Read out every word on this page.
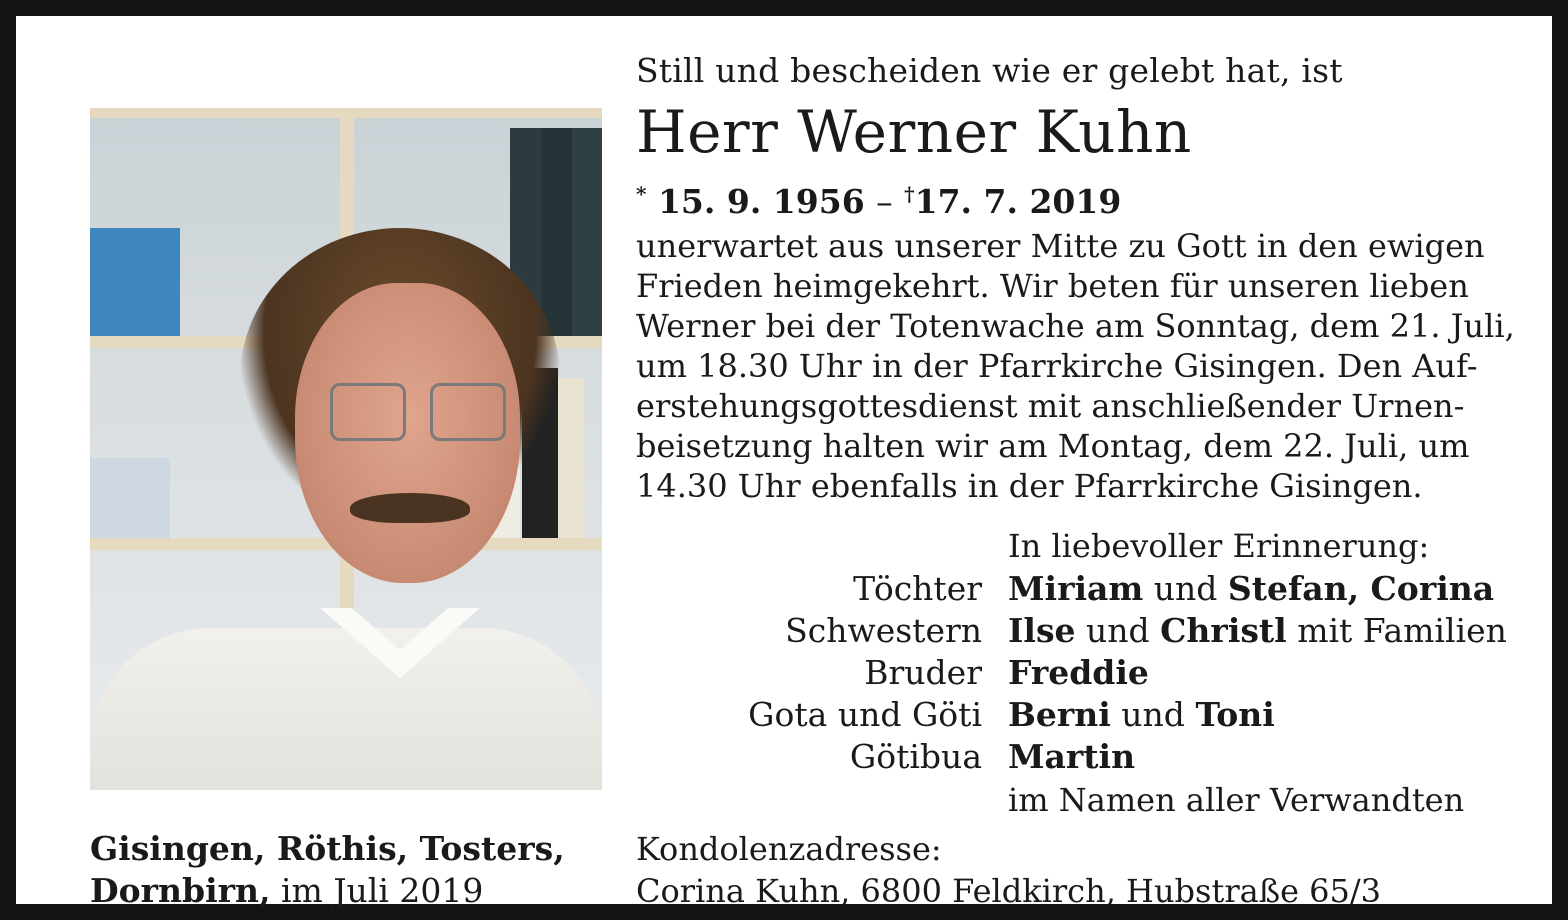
Still und bescheiden wie er gelebt hat, ist
Herr Werner Kuhn
* 15. 9. 1956 – †17. 7. 2019
unerwartet aus unserer Mitte zu Gott in den ewigen
Frieden heimgekehrt. Wir beten für unseren lieben
Werner bei der Totenwache am Sonntag, dem 21. Juli,
um 18.30 Uhr in der Pfarrkirche Gisingen. Den Auf-
erstehungsgottesdienst mit anschließender Urnen-
beisetzung halten wir am Montag, dem 22. Juli, um
14.30 Uhr ebenfalls in der Pfarrkirche Gisingen.
In liebevoller Erinnerung:
Töchter Miriam und Stefan, Corina
Schwestern Ilse und Christl mit Familien
Bruder Freddie
Gota und Göti Berni und Toni
Götibua Martin
im Namen aller Verwandten
Gisingen, Röthis, Tosters,
Dornbirn, im Juli 2019
Kondolenzadresse:
Corina Kuhn, 6800 Feldkirch, Hubstraße 65/3
